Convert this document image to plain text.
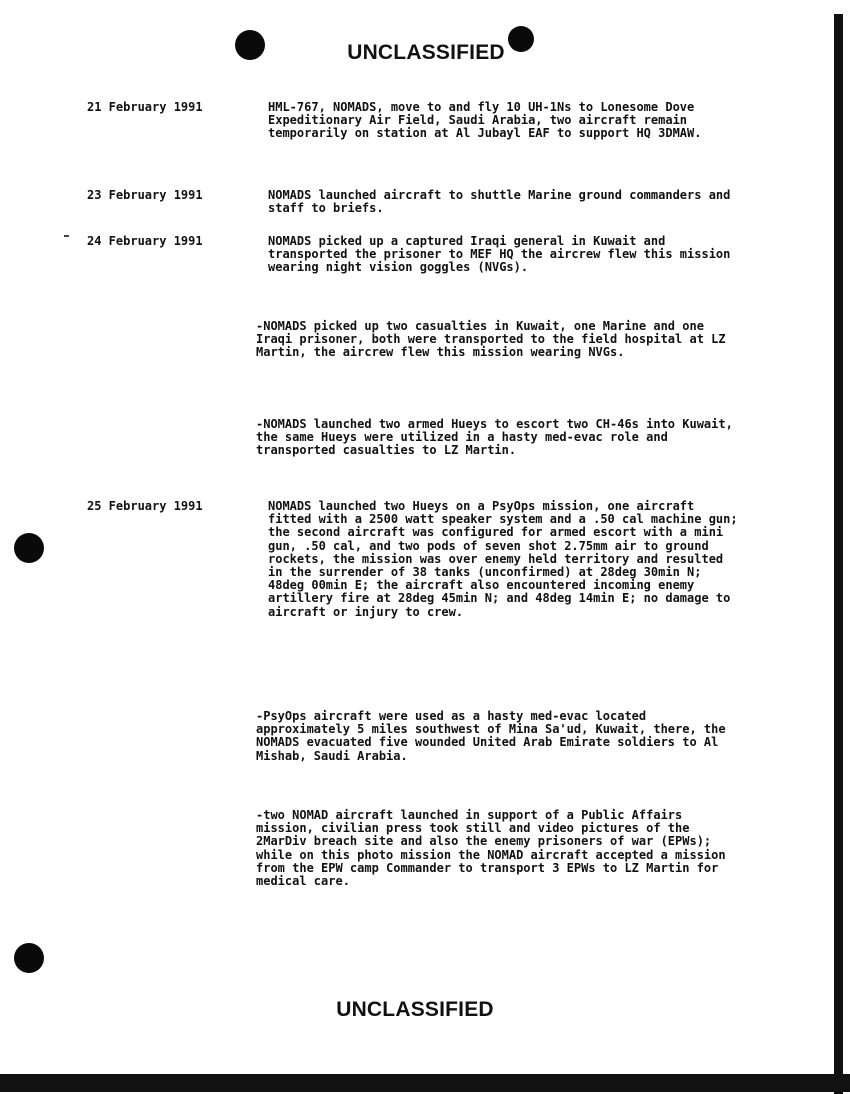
UNCLASSIFIED
21 February 1991	HML-767, NOMADS, move to and fly 10 UH-1Ns to Lonesome Dove Expeditionary Air Field, Saudi Arabia, two aircraft remain temporarily on station at Al Jubayl EAF to support HQ 3DMAW.
23 February 1991	NOMADS launched aircraft to shuttle Marine ground commanders and staff to briefs.
24 February 1991	NOMADS picked up a captured Iraqi general in Kuwait and transported the prisoner to MEF HQ the aircrew flew this mission wearing night vision goggles (NVGs).
-NOMADS picked up two casualties in Kuwait, one Marine and one Iraqi prisoner, both were transported to the field hospital at LZ Martin, the aircrew flew this mission wearing NVGs.
-NOMADS launched two armed Hueys to escort two CH-46s into Kuwait, the same Hueys were utilized in a hasty med-evac role and transported casualties to LZ Martin.
25 February 1991	NOMADS launched two Hueys on a PsyOps mission, one aircraft fitted with a 2500 watt speaker system and a .50 cal machine gun; the second aircraft was configured for armed escort with a mini gun, .50 cal, and two pods of seven shot 2.75mm air to ground rockets, the mission was over enemy held territory and resulted in the surrender of 38 tanks (unconfirmed) at 28deg 30min N; 48deg 00min E; the aircraft also encountered incoming enemy artillery fire at 28deg 45min N; and 48deg 14min E; no damage to aircraft or injury to crew.
-PsyOps aircraft were used as a hasty med-evac located approximately 5 miles southwest of Mina Sa'ud, Kuwait, there, the NOMADS evacuated five wounded United Arab Emirate soldiers to Al Mishab, Saudi Arabia.
-two NOMAD aircraft launched in support of a Public Affairs mission, civilian press took still and video pictures of the 2MarDiv breach site and also the enemy prisoners of war (EPWs); while on this photo mission the NOMAD aircraft accepted a mission from the EPW camp Commander to transport 3 EPWs to LZ Martin for medical care.
UNCLASSIFIED
